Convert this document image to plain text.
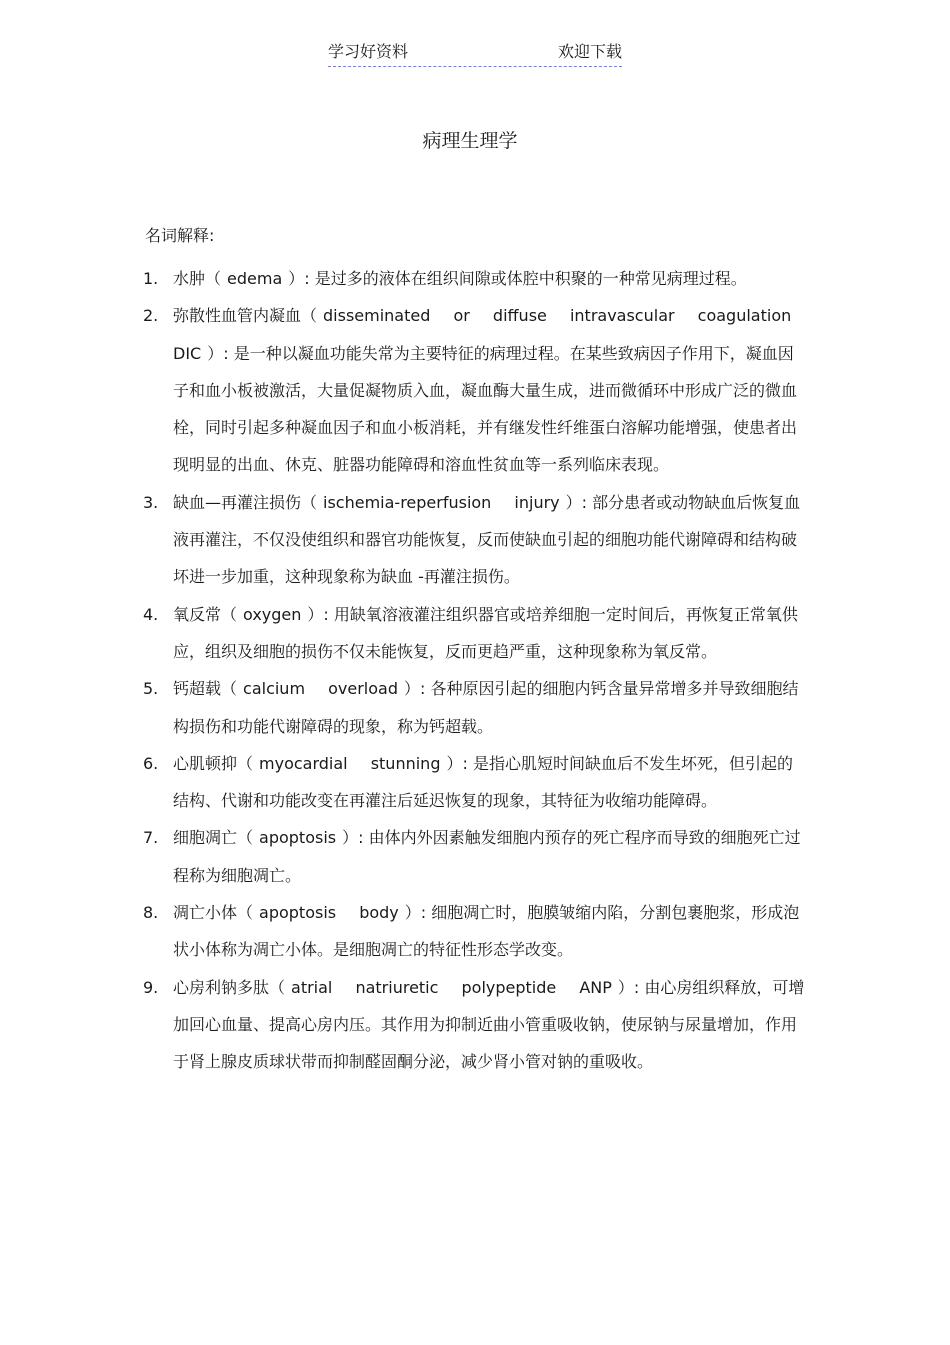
学习好资料	欢迎下载
病理生理学
名词解释:
1. 水肿（ edema ）: 是过多的液体在组织间隙或体腔中积聚的一种常见病理过程。
2. 弥散性血管内凝血（ disseminated or diffuse intravascular coagulation DIC ）: 是一种以凝血功能失常为主要特征的病理过程。在某些致病因子作用下，凝血因子和血小板被激活，大量促凝物质入血，凝血酶大量生成，进而微循环中形成广泛的微血栓，同时引起多种凝血因子和血小板消耗，并有继发性纤维蛋白溶解功能增强，使患者出现明显的出血、休克、脏器功能障碍和溶血性贫血等一系列临床表现。
3. 缺血—再灌注损伤（ ischemia-reperfusion injury ）: 部分患者或动物缺血后恢复血液再灌注，不仅没使组织和器官功能恢复，反而使缺血引起的细胞功能代谢障碍和结构破坏进一步加重，这种现象称为缺血 -再灌注损伤。
4. 氧反常（ oxygen ）: 用缺氧溶液灌注组织器官或培养细胞一定时间后，再恢复正常氧供应，组织及细胞的损伤不仅未能恢复，反而更趋严重，这种现象称为氧反常。
5. 钙超载（ calcium overload ）: 各种原因引起的细胞内钙含量异常增多并导致细胞结构损伤和功能代谢障碍的现象，称为钙超载。
6. 心肌顿抑（ myocardial stunning ）: 是指心肌短时间缺血后不发生坏死，但引起的结构、代谢和功能改变在再灌注后延迟恢复的现象，其特征为收缩功能障碍。
7. 细胞凋亡（ apoptosis ）: 由体内外因素触发细胞内预存的死亡程序而导致的细胞死亡过程称为细胞凋亡。
8. 凋亡小体（ apoptosis body ）: 细胞凋亡时，胞膜皱缩内陷，分割包裹胞浆，形成泡状小体称为凋亡小体。是细胞凋亡的特征性形态学改变。
9. 心房利钠多肽（ atrial natriuretic polypeptide ANP ）: 由心房组织释放，可增加回心血量、提高心房内压。其作用为抑制近曲小管重吸收钠，使尿钠与尿量增加，作用于肾上腺皮质球状带而抑制醛固酮分泌，减少肾小管对钠的重吸收。
